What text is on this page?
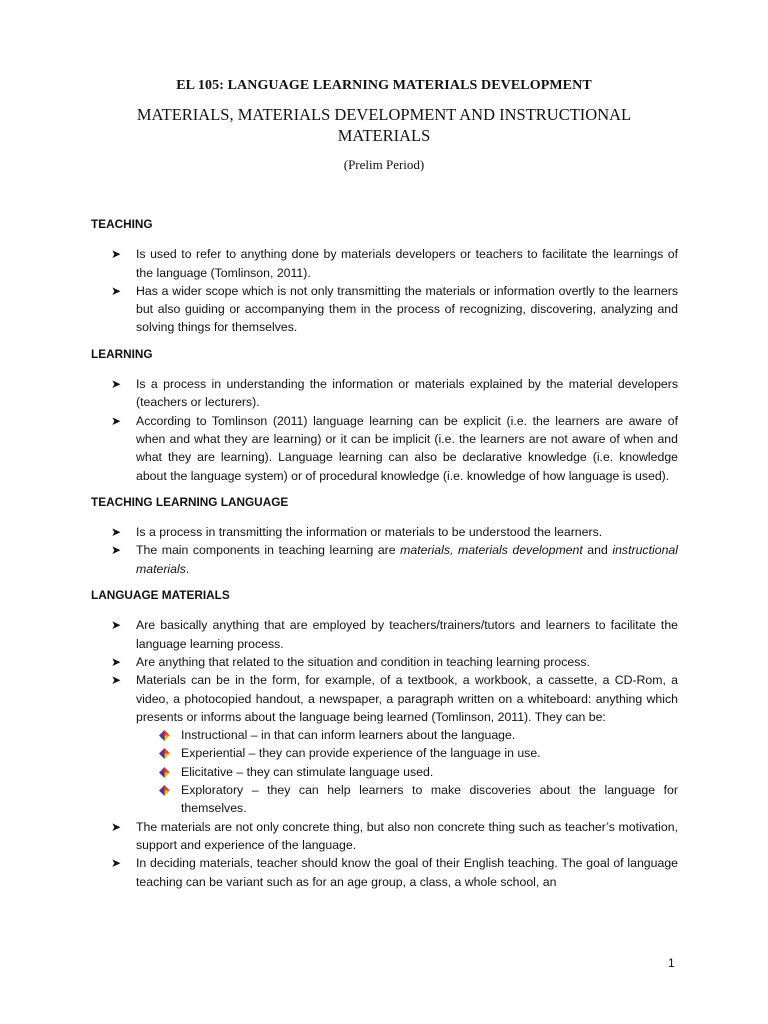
EL 105: LANGUAGE LEARNING MATERIALS DEVELOPMENT
MATERIALS, MATERIALS DEVELOPMENT AND INSTRUCTIONAL MATERIALS
(Prelim Period)
TEACHING
➤ Is used to refer to anything done by materials developers or teachers to facilitate the learnings of the language (Tomlinson, 2011).
➤ Has a wider scope which is not only transmitting the materials or information overtly to the learners but also guiding or accompanying them in the process of recognizing, discovering, analyzing and solving things for themselves.
LEARNING
➤ Is a process in understanding the information or materials explained by the material developers (teachers or lecturers).
➤ According to Tomlinson (2011) language learning can be explicit (i.e. the learners are aware of when and what they are learning) or it can be implicit (i.e. the learners are not aware of when and what they are learning). Language learning can also be declarative knowledge (i.e. knowledge about the language system) or of procedural knowledge (i.e. knowledge of how language is used).
TEACHING LEARNING LANGUAGE
➤ Is a process in transmitting the information or materials to be understood the learners.
➤ The main components in teaching learning are materials, materials development and instructional materials.
LANGUAGE MATERIALS
➤ Are basically anything that are employed by teachers/trainers/tutors and learners to facilitate the language learning process.
➤ Are anything that related to the situation and condition in teaching learning process.
➤ Materials can be in the form, for example, of a textbook, a workbook, a cassette, a CD-Rom, a video, a photocopied handout, a newspaper, a paragraph written on a whiteboard: anything which presents or informs about the language being learned (Tomlinson, 2011). They can be:
Instructional – in that can inform learners about the language.
Experiential – they can provide experience of the language in use.
Elicitative – they can stimulate language used.
Exploratory – they can help learners to make discoveries about the language for themselves.
➤ The materials are not only concrete thing, but also non concrete thing such as teacher’s motivation, support and experience of the language.
➤ In deciding materials, teacher should know the goal of their English teaching. The goal of language teaching can be variant such as for an age group, a class, a whole school, an
1
